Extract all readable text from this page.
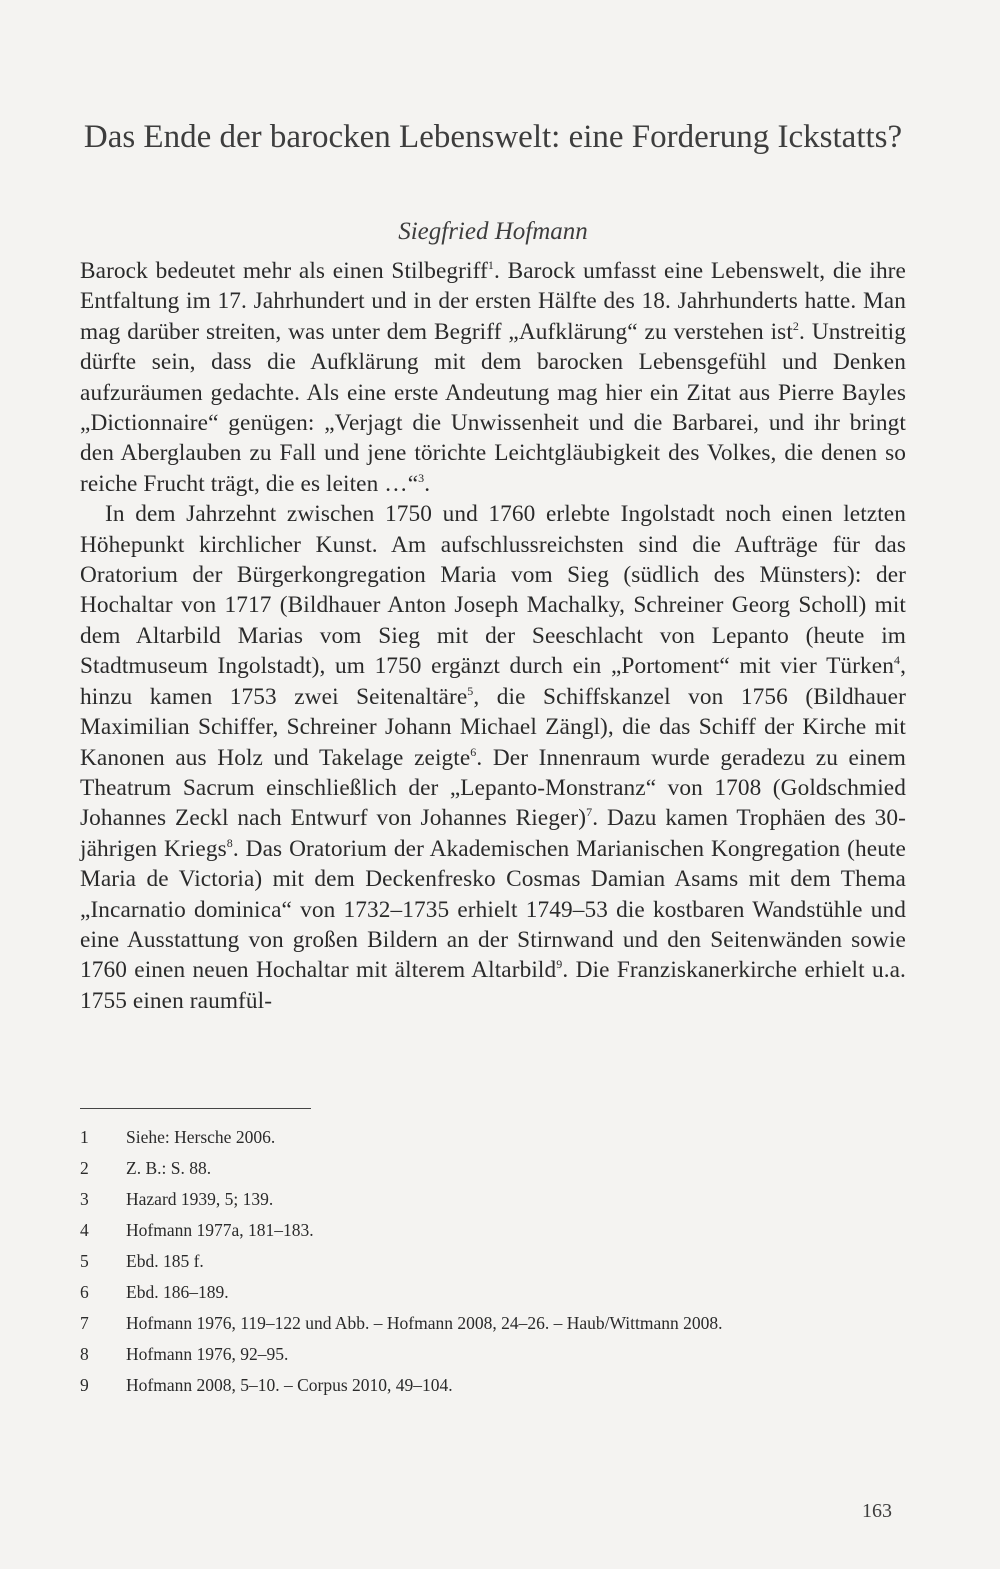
Das Ende der barocken Lebenswelt: eine Forderung Ickstatts?
Siegfried Hofmann

Barock bedeutet mehr als einen Stilbegriff$^1$. Barock umfasst eine Lebenswelt, die ihre Entfaltung im 17. Jahrhundert und in der ersten Hälfte des 18. Jahrhunderts hatte. Man mag darüber streiten, was unter dem Begriff „Aufklärung“ zu verstehen ist$^2$. Unstreitig dürfte sein, dass die Aufklärung mit dem barocken Lebensgefühl und Denken aufzuräumen gedachte. Als eine erste Andeutung mag hier ein Zitat aus Pierre Bayles „Dictionnaire“ genügen: „Verjagt die Unwissenheit und die Barbarei, und ihr bringt den Aberglauben zu Fall und jene törichte Leichtgläubigkeit des Volkes, die denen so reiche Frucht trägt, die es leiten …“$^3$.

In dem Jahrzehnt zwischen 1750 und 1760 erlebte Ingolstadt noch einen letzten Höhepunkt kirchlicher Kunst. Am aufschlussreichsten sind die Aufträge für das Oratorium der Bürgerkongregation Maria vom Sieg (südlich des Münsters): der Hochaltar von 1717 (Bildhauer Anton Joseph Machalky, Schreiner Georg Scholl) mit dem Altarbild Marias vom Sieg mit der Seeschlacht von Lepanto (heute im Stadtmuseum Ingolstadt), um 1750 ergänzt durch ein „Portoment“ mit vier Türken$^4$, hinzu kamen 1753 zwei Seitenaltäre$^5$, die Schiffskanzel von 1756 (Bildhauer Maximilian Schiffer, Schreiner Johann Michael Zängl), die das Schiff der Kirche mit Kanonen aus Holz und Takelage zeigte$^6$. Der Innenraum wurde geradezu zu einem Theatrum Sacrum einschließlich der „Lepanto-Monstranz“ von 1708 (Goldschmied Johannes Zeckl nach Entwurf von Johannes Rieger)$^7$. Dazu kamen Trophäen des 30-jährigen Kriegs$^8$. Das Oratorium der Akademischen Marianischen Kongregation (heute Maria de Victoria) mit dem Deckenfresko Cosmas Damian Asams mit dem Thema „Incarnatio dominica“ von 1732–1735 erhielt 1749–53 die kostbaren Wandstühle und eine Ausstattung von großen Bildern an der Stirnwand und den Seitenwänden sowie 1760 einen neuen Hochaltar mit älterem Altarbild$^9$. Die Franziskanerkirche erhielt u.a. 1755 einen raumfül-

1	Siehe: Hersche 2006.
2	Z. B.: S. 88.
3	Hazard 1939, 5; 139.
4	Hofmann 1977a, 181–183.
5	Ebd. 185 f.
6	Ebd. 186–189.
7	Hofmann 1976, 119–122 und Abb. – Hofmann 2008, 24–26. – Haub/Wittmann 2008.
8	Hofmann 1976, 92–95.
9	Hofmann 2008, 5–10. – Corpus 2010, 49–104.
163
